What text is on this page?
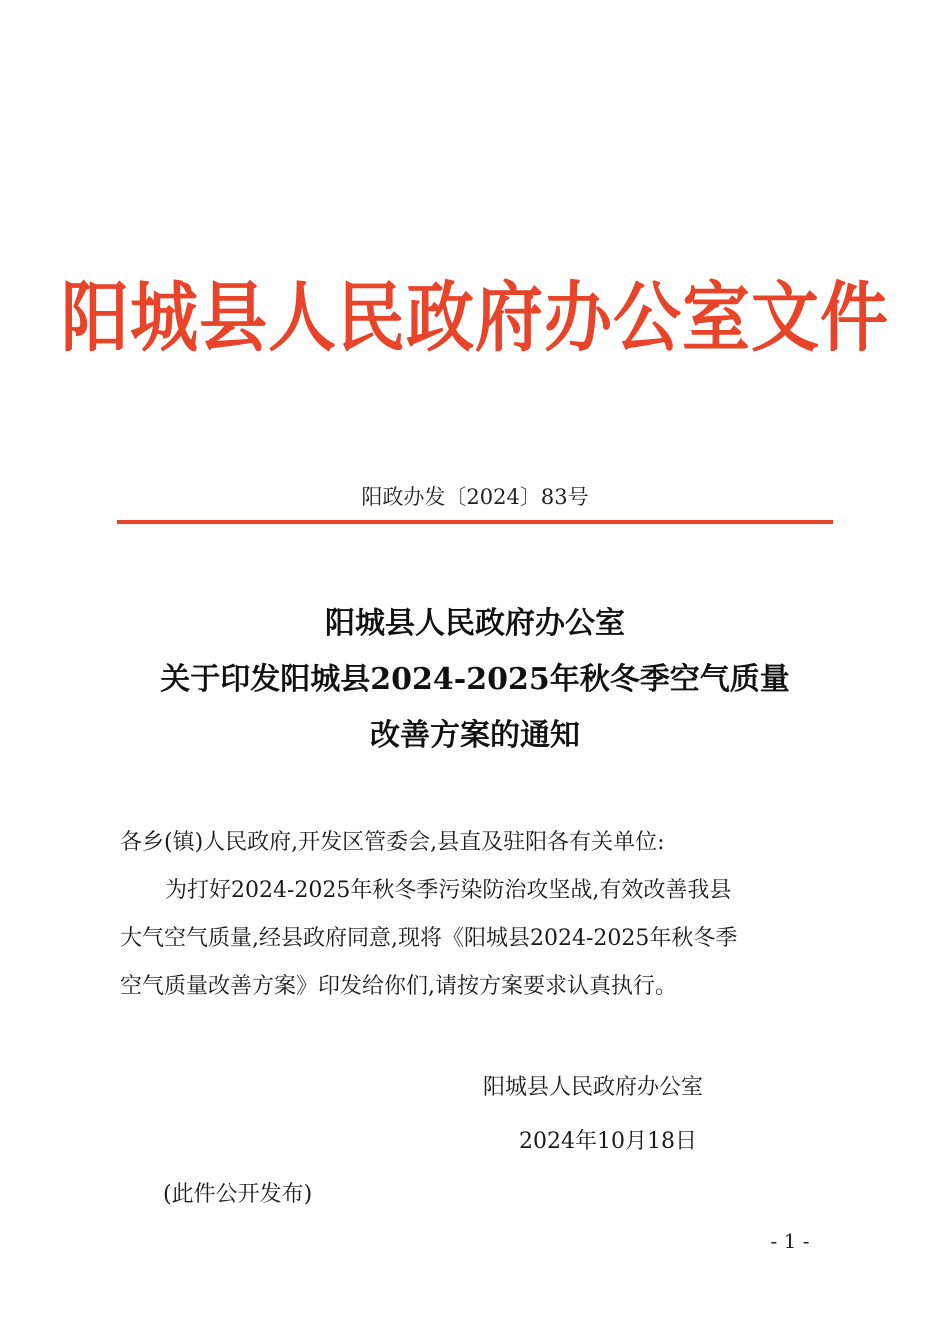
阳城县人民政府办公室文件
阳政办发〔2024〕83号
阳城县人民政府办公室
关于印发阳城县2024-2025年秋冬季空气质量
改善方案的通知
各乡(镇)人民政府,开发区管委会,县直及驻阳各有关单位:
为打好2024-2025年秋冬季污染防治攻坚战,有效改善我县
大气空气质量,经县政府同意,现将《阳城县2024-2025年秋冬季
空气质量改善方案》印发给你们,请按方案要求认真执行。
阳城县人民政府办公室
2024年10月18日
(此件公开发布)
- 1 -
